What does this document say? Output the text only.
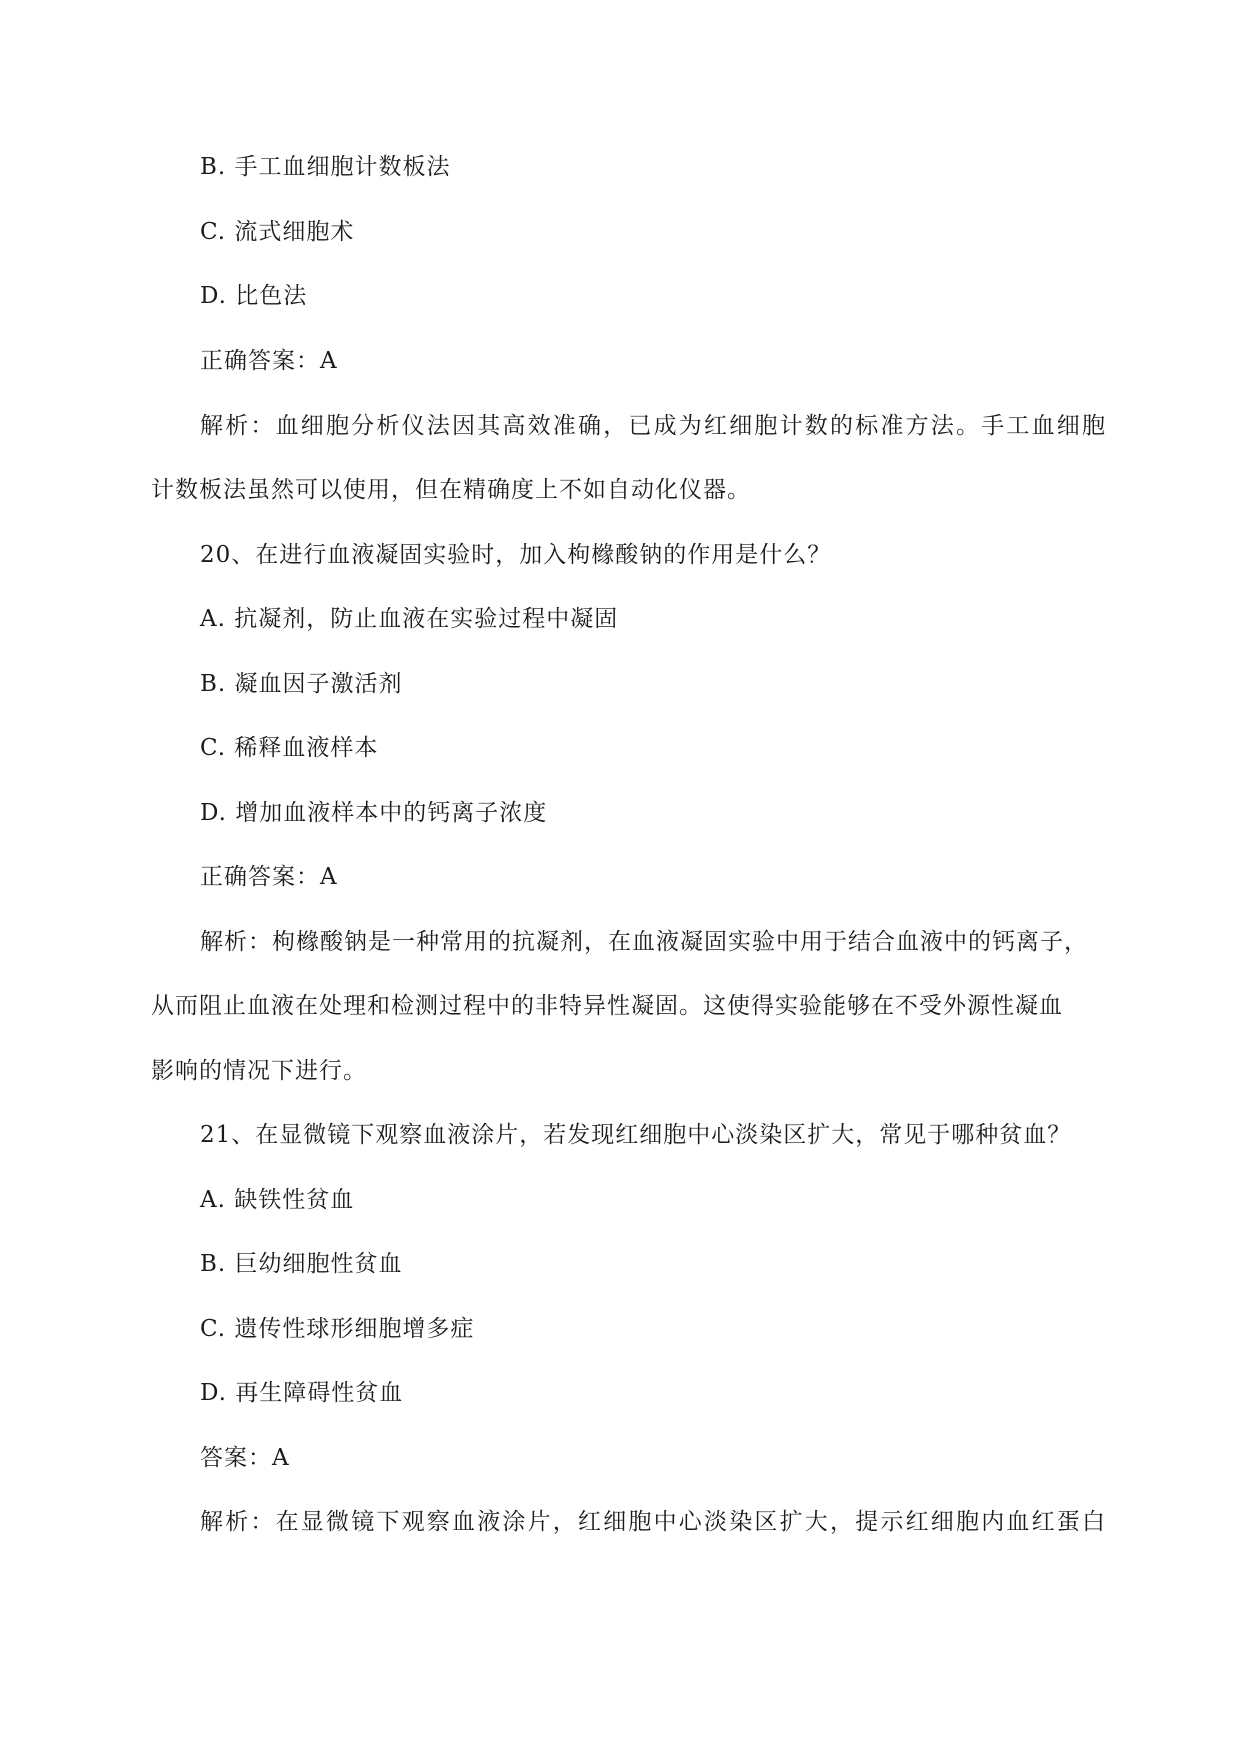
B. 手工血细胞计数板法
C. 流式细胞术
D. 比色法
正确答案：A
解析：血细胞分析仪法因其高效准确，已成为红细胞计数的标准方法。手工血细胞
计数板法虽然可以使用，但在精确度上不如自动化仪器。
20、在进行血液凝固实验时，加入枸橼酸钠的作用是什么？
A. 抗凝剂，防止血液在实验过程中凝固
B. 凝血因子激活剂
C. 稀释血液样本
D. 增加血液样本中的钙离子浓度
正确答案：A
解析：枸橼酸钠是一种常用的抗凝剂，在血液凝固实验中用于结合血液中的钙离子，
从而阻止血液在处理和检测过程中的非特异性凝固。这使得实验能够在不受外源性凝血
影响的情况下进行。
21、在显微镜下观察血液涂片，若发现红细胞中心淡染区扩大，常见于哪种贫血？
A. 缺铁性贫血
B. 巨幼细胞性贫血
C. 遗传性球形细胞增多症
D. 再生障碍性贫血
答案：A
解析：在显微镜下观察血液涂片，红细胞中心淡染区扩大，提示红细胞内血红蛋白
